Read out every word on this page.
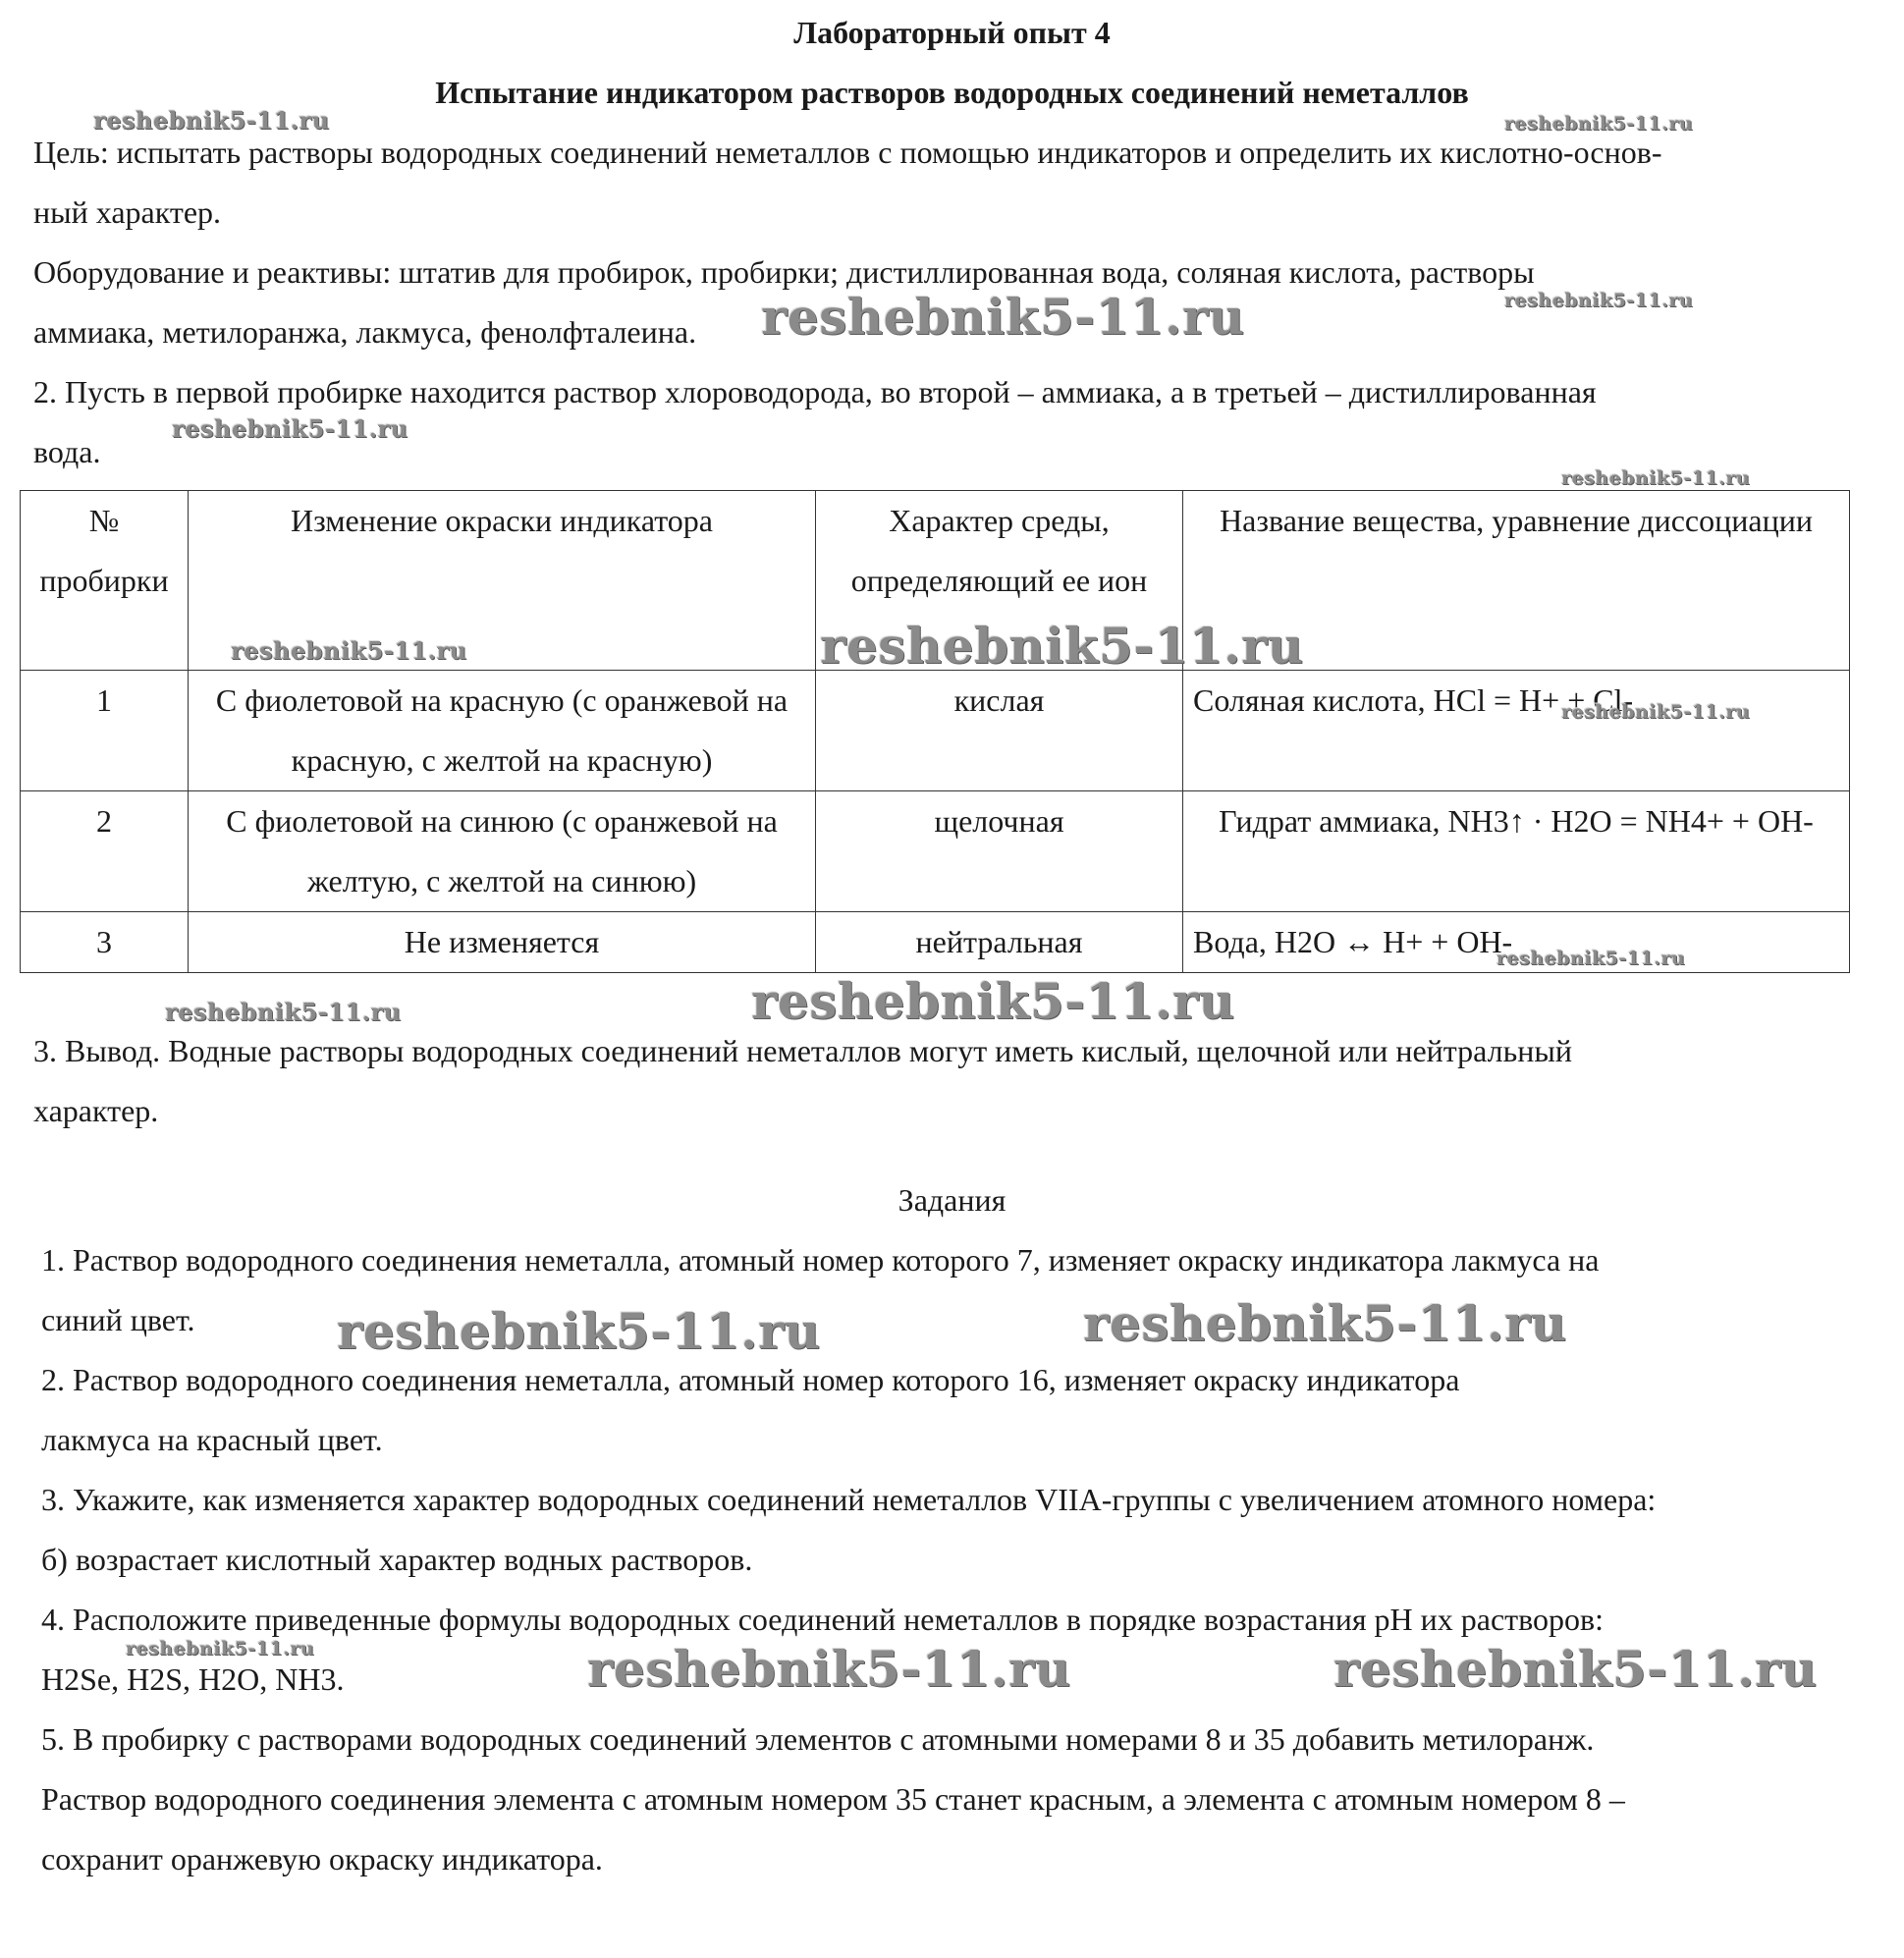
Лабораторный опыт 4
Испытание индикатором растворов водородных соединений неметаллов
Цель: испытать растворы водородных соединений неметаллов с помощью индикаторов и определить их кислотно-основ-
ный характер.
Оборудование и реактивы: штатив для пробирок, пробирки; дистиллированная вода, соляная кислота, растворы
аммиака, метилоранжа, лакмуса, фенолфталеина.
2. Пусть в первой пробирке находится раствор хлороводорода, во второй – аммиака, а в третьей – дистиллированная
вода.
№ пробирки	Изменение окраски индикатора	Характер среды, определяющий ее ион	Название вещества, уравнение диссоциации
1	С фиолетовой на красную (с оранжевой на красную, с желтой на красную)	кислая	Соляная кислота, HCl = H+ + Cl-
2	С фиолетовой на синюю (с оранжевой на желтую, с желтой на синюю)	щелочная	Гидрат аммиака, NH3↑ · H2O = NH4+ + OH-
3	Не изменяется	нейтральная	Вода, H2O ↔ H+ + OH-
3. Вывод. Водные растворы водородных соединений неметаллов могут иметь кислый, щелочной или нейтральный
характер.
Задания
1. Раствор водородного соединения неметалла, атомный номер которого 7, изменяет окраску индикатора лакмуса на
синий цвет.
2. Раствор водородного соединения неметалла, атомный номер которого 16, изменяет окраску индикатора
лакмуса на красный цвет.
3. Укажите, как изменяется характер водородных соединений неметаллов VIIA-группы с увеличением атомного номера:
б) возрастает кислотный характер водных растворов.
4. Расположите приведенные формулы водородных соединений неметаллов в порядке возрастания pH их растворов:
H2Se, H2S, H2O, NH3.
5. В пробирку с растворами водородных соединений элементов с атомными номерами 8 и 35 добавить метилоранж.
Раствор водородного соединения элемента с атомным номером 35 станет красным, а элемента с атомным номером 8 –
сохранит оранжевую окраску индикатора.
reshebnik5-11.ru	reshebnik5-11.ru
reshebnik5-11.ru
reshebnik5-11.ru
reshebnik5-11.ru
reshebnik5-11.ru
reshebnik5-11.ru	reshebnik5-11.ru
reshebnik5-11.ru
reshebnik5-11.ru
reshebnik5-11.ru	reshebnik5-11.ru
reshebnik5-11.ru	reshebnik5-11.ru
reshebnik5-11.ru	reshebnik5-11.ru	reshebnik5-11.ru
